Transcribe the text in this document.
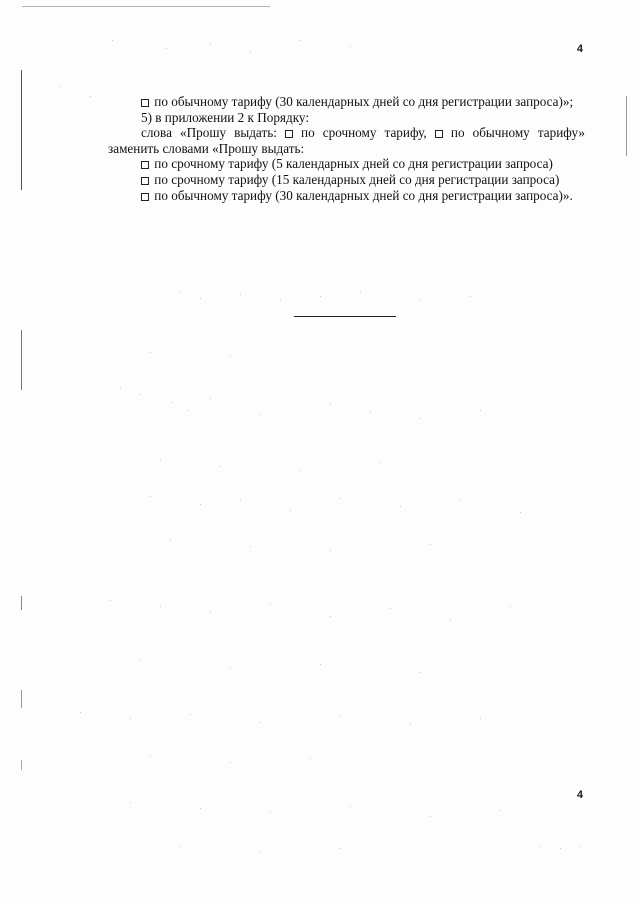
4

по обычному тарифу (30 календарных дней со дня регистрации запроса)»;

5) в приложении 2 к Порядку:

слова «Прошу выдать: по срочному тарифу, по обычному тарифу» заменить словами «Прошу выдать:

по срочному тарифу (5 календарных дней со дня регистрации запроса)

по срочному тарифу (15 календарных дней со дня регистрации запроса)

по обычному тарифу (30 календарных дней со дня регистрации запроса)».

4
